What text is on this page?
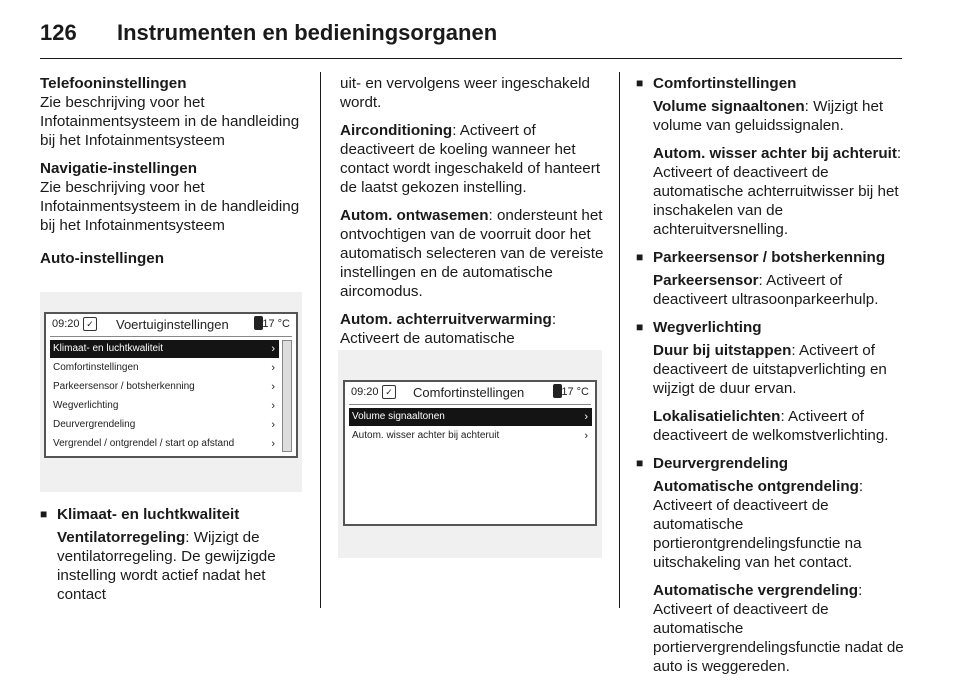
126 Instrumenten en bedieningsorganen

Telefooninstellingen
Zie beschrijving voor het Infotainmentsysteem in de handleiding bij het Infotainmentsysteem

Navigatie-instellingen
Zie beschrijving voor het Infotainmentsysteem in de handleiding bij het Infotainmentsysteem

Auto-instellingen

09:20 ✓ Voertuiginstellingen	17 °C
Klimaat- en luchtkwaliteit	›
Comfortinstellingen	›
Parkeersensor / botsherkenning	›
Wegverlichting	›
Deurvergrendeling	›
Vergrendel / ontgrendel / start op afstand	›
■ Klimaat- en luchtkwaliteit
Ventilatorregeling: Wijzigt de ventilatorregeling. De gewijzigde instelling wordt actief nadat het contact

uit- en vervolgens weer ingeschakeld wordt.

Airconditioning: Activeert of deactiveert de koeling wanneer het contact wordt ingeschakeld of hanteert de laatst gekozen instelling.

Autom. ontwasemen: ondersteunt het ontvochtigen van de voorruit door het automatisch selecteren van de vereiste instellingen en de automatische aircomodus.

Autom. achterruitverwarming: Activeert de automatische

09:20 ✓ Comfortinstellingen	17 °C
Volume signaaltonen	›
Autom. wisser achter bij achteruit	›
■ Comfortinstellingen

Volume signaaltonen: Wijzigt het volume van geluidssignalen.

Autom. wisser achter bij achteruit: Activeert of deactiveert de automatische achterruitwisser bij het inschakelen van de achteruitversnelling.

■ Parkeersensor / botsherkenning

Parkeersensor: Activeert of deactiveert ultrasoonparkeerhulp.

■ Wegverlichting

Duur bij uitstappen: Activeert of deactiveert de uitstapverlichting en wijzigt de duur ervan.

Lokalisatielichten: Activeert of deactiveert de welkomstverlichting.

■ Deurvergrendeling

Automatische ontgrendeling: Activeert of deactiveert de automatische portierontgrendelingsfunctie na uitschakeling van het contact.

Automatische vergrendeling: Activeert of deactiveert de automatische portiervergrendelingsfunctie nadat de auto is weggereden.
